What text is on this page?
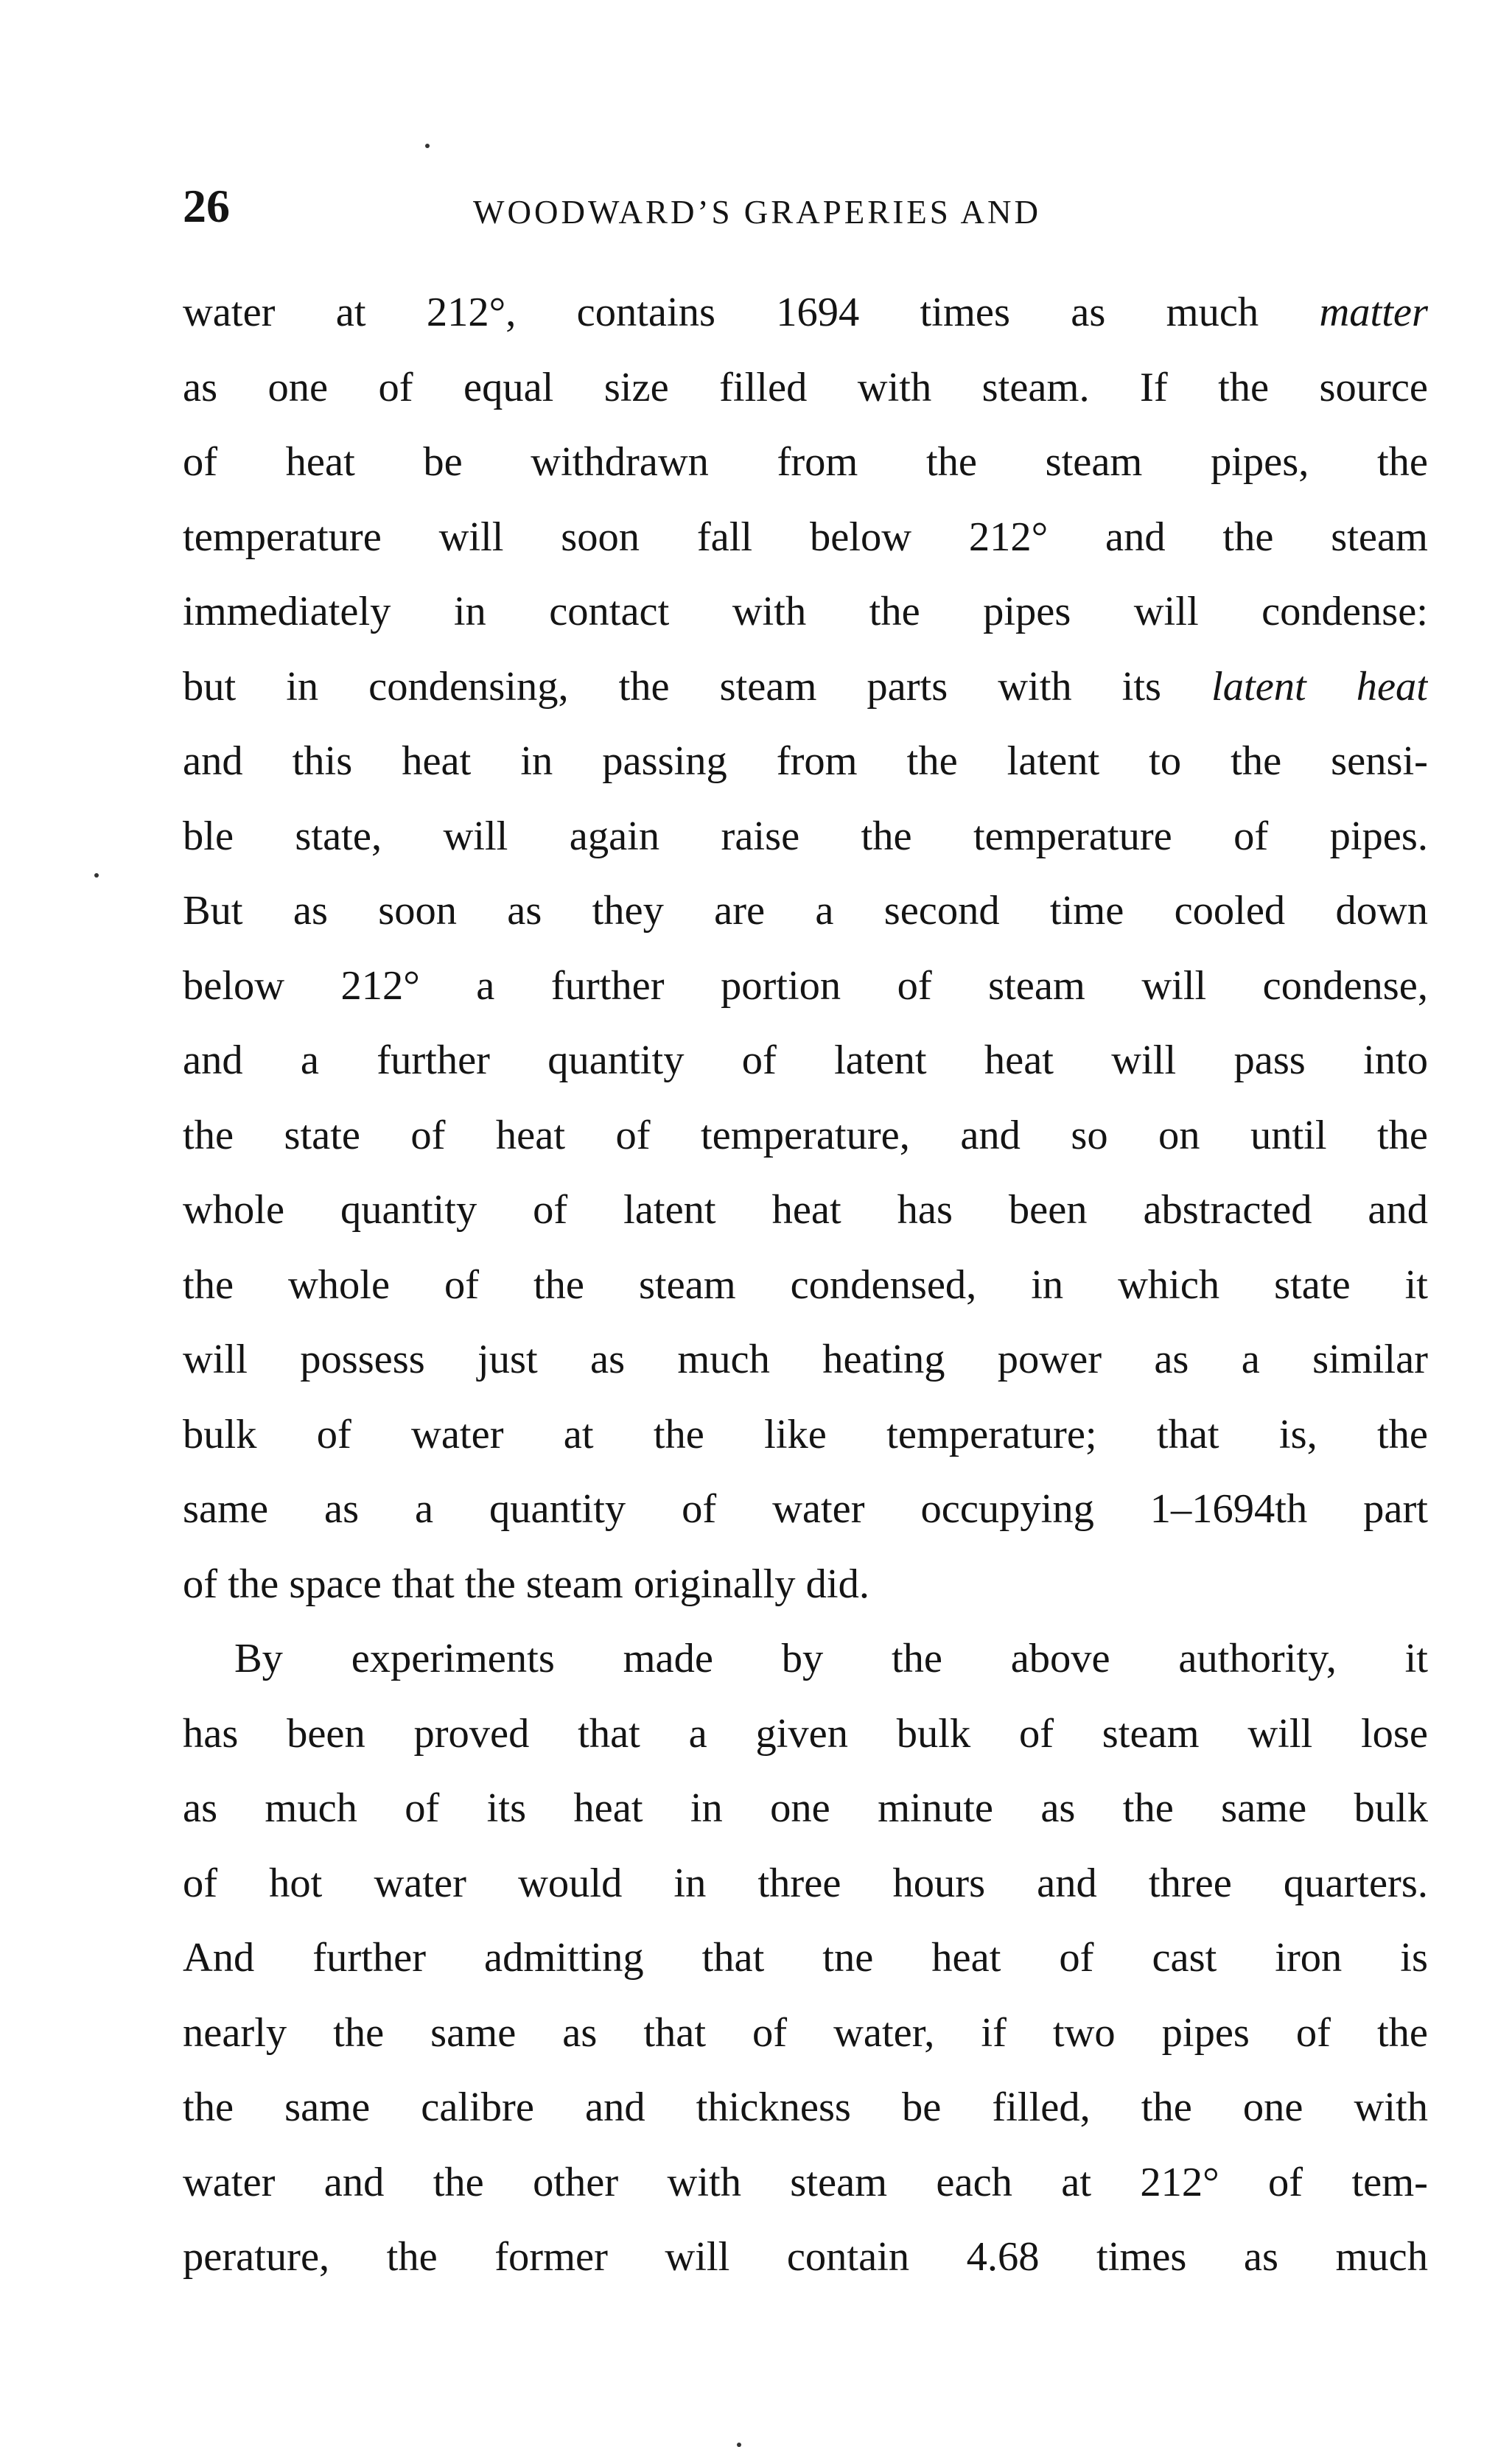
26	WOODWARD’S GRAPERIES AND
water at 212°, contains 1694 times as much matter
as one of equal size filled with steam. If the source
of heat be withdrawn from the steam pipes, the
temperature will soon fall below 212° and the steam
immediately in contact with the pipes will condense:
but in condensing, the steam parts with its latent heat
and this heat in passing from the latent to the sensi-
ble state, will again raise the temperature of pipes.
But as soon as they are a second time cooled down
below 212° a further portion of steam will condense,
and a further quantity of latent heat will pass into
the state of heat of temperature, and so on until the
whole quantity of latent heat has been abstracted and
the whole of the steam condensed, in which state it
will possess just as much heating power as a similar
bulk of water at the like temperature; that is, the
same as a quantity of water occupying 1–1694th part
of the space that the steam originally did.
By experiments made by the above authority, it
has been proved that a given bulk of steam will lose
as much of its heat in one minute as the same bulk
of hot water would in three hours and three quarters.
And further admitting that tne heat of cast iron is
nearly the same as that of water, if two pipes of the
the same calibre and thickness be filled, the one with
water and the other with steam each at 212° of tem-
perature, the former will contain 4.68 times as much
